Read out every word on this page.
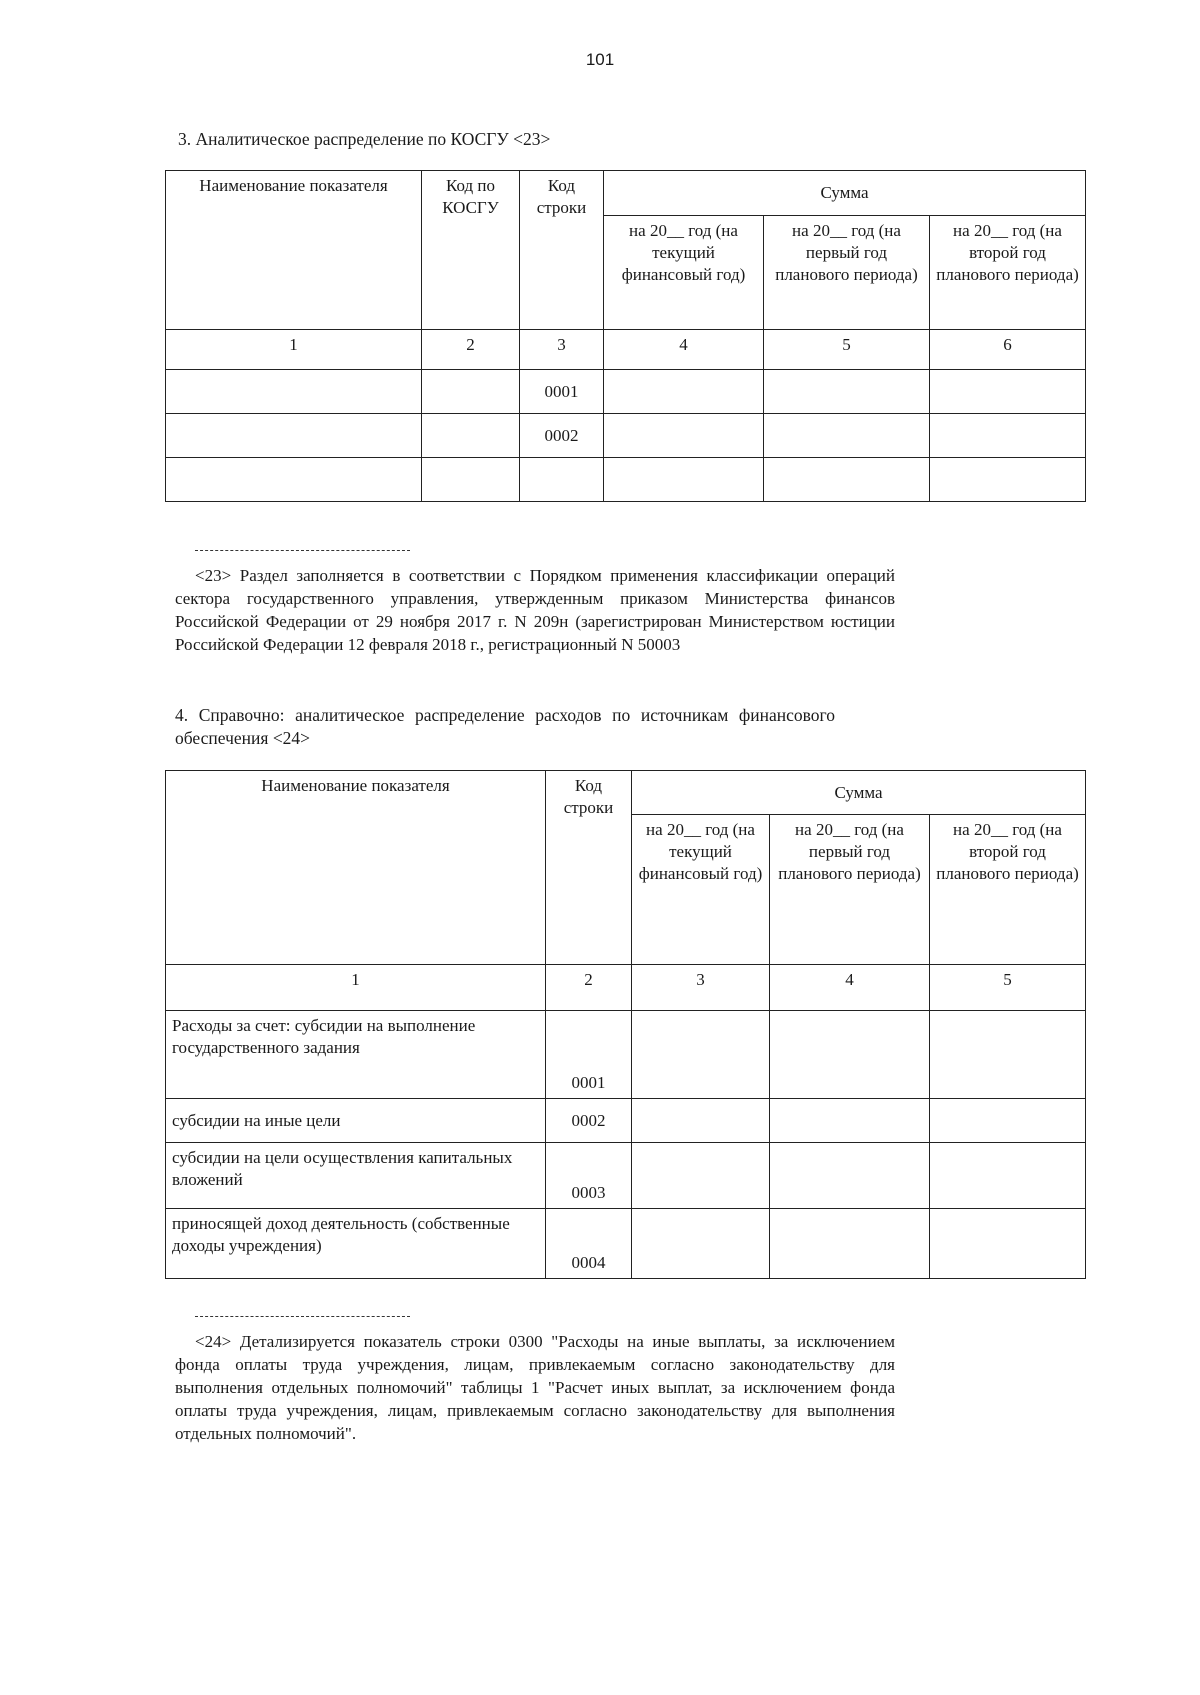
101
3. Аналитическое распределение по КОСГУ <23>
Наименование показателя	Код по КОСГУ	Код строки	Сумма		
			на 20__ год (на текущий финансовый год)	на 20__ год (на первый год планового периода)	на 20__ год (на второй год планового периода)
1	2	3	4	5	6
		0001			
		0002			

<23> Раздел заполняется в соответствии с Порядком применения классификации операций сектора государственного управления, утвержденным приказом Министерства финансов Российской Федерации от 29 ноября 2017 г. N 209н (зарегистрирован Министерством юстиции Российской Федерации 12 февраля 2018 г., регистрационный N 50003
4. Справочно: аналитическое распределение расходов по источникам финансового обеспечения <24>
Наименование показателя	Код строки	Сумма		
		на 20__ год (на текущий финансовый год)	на 20__ год (на первый год планового периода)	на 20__ год (на второй год планового периода)
1	2	3	4	5
Расходы за счет: субсидии на выполнение государственного задания	0001			
субсидии на иные цели	0002			
субсидии на цели осуществления капитальных вложений	0003			
приносящей доход деятельность (собственные доходы учреждения)	0004			
<24> Детализируется показатель строки 0300 "Расходы на иные выплаты, за исключением фонда оплаты труда учреждения, лицам, привлекаемым согласно законодательству для выполнения отдельных полномочий" таблицы 1 "Расчет иных выплат, за исключением фонда оплаты труда учреждения, лицам, привлекаемым согласно законодательству для выполнения отдельных полномочий".
